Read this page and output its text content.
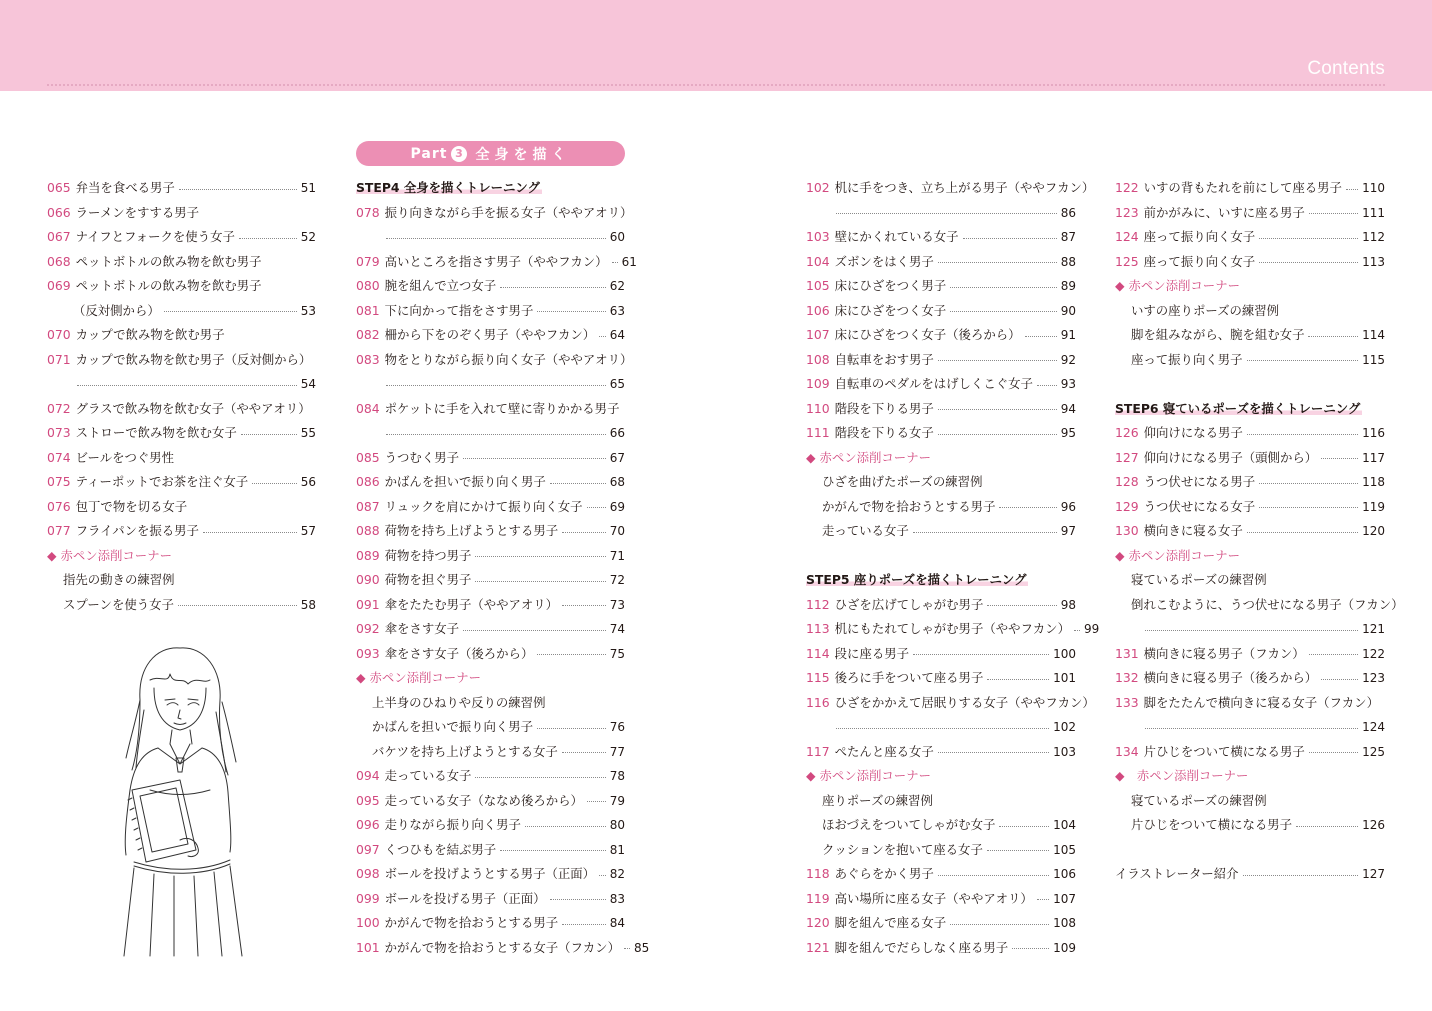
Contents
Part 3 全身を描く
065 弁当を食べる男子	51
066 ラーメンをすする男子
067 ナイフとフォークを使う女子	52
068 ペットボトルの飲み物を飲む男子
069 ペットボトルの飲み物を飲む男子
（反対側から）	53
070 カップで飲み物を飲む男子
071 カップで飲み物を飲む男子（反対側から）
54
072 グラスで飲み物を飲む女子（ややアオリ）
073 ストローで飲み物を飲む女子	55
074 ビールをつぐ男性
075 ティーポットでお茶を注ぐ女子	56
076 包丁で物を切る女子
077 フライパンを振る男子	57
◆ 赤ペン添削コーナー
指先の動きの練習例
スプーンを使う女子	58
STEP4 全身を描くトレーニング
078 振り向きながら手を振る女子（ややアオリ）
60
079 高いところを指さす男子（ややフカン） 61
080 腕を組んで立つ女子	62
081 下に向かって指をさす男子	63
082 柵から下をのぞく男子（ややフカン） 64
083 物をとりながら振り向く女子（ややアオリ）
65
084 ポケットに手を入れて壁に寄りかかる男子
66
085 うつむく男子	67
086 かばんを担いで振り向く男子	68
087 リュックを肩にかけて振り向く女子 69
088 荷物を持ち上げようとする男子	70
089 荷物を持つ男子	71
090 荷物を担ぐ男子	72
091 傘をたたむ男子（ややアオリ）	73
092 傘をさす女子	74
093 傘をさす女子（後ろから）	75
◆ 赤ペン添削コーナー
上半身のひねりや反りの練習例
かばんを担いで振り向く男子	76
バケツを持ち上げようとする女子	77
094 走っている女子	78
095 走っている女子（ななめ後ろから） 79
096 走りながら振り向く男子	80
097 くつひもを結ぶ男子	81
098 ボールを投げようとする男子（正面） 82
099 ボールを投げる男子（正面）	83
100 かがんで物を拾おうとする男子	84
101 かがんで物を拾おうとする女子（フカン） 85
102 机に手をつき、立ち上がる男子（ややフカン）
86
103 壁にかくれている女子	87
104 ズボンをはく男子	88
105 床にひざをつく男子	89
106 床にひざをつく女子	90
107 床にひざをつく女子（後ろから）	91
108 自転車をおす男子	92
109 自転車のペダルをはげしくこぐ女子 93
110 階段を下りる男子	94
111 階段を下りる女子	95
◆ 赤ペン添削コーナー
ひざを曲げたポーズの練習例
かがんで物を拾おうとする男子	96
走っている女子	97
STEP5 座りポーズを描くトレーニング
112 ひざを広げてしゃがむ男子	98
113 机にもたれてしゃがむ男子（ややフカン） 99
114 段に座る男子	100
115 後ろに手をついて座る男子	101
116 ひざをかかえて居眠りする女子（ややフカン）
102
117 ぺたんと座る女子	103
◆ 赤ペン添削コーナー
座りポーズの練習例
ほおづえをついてしゃがむ女子	104
クッションを抱いて座る女子	105
118 あぐらをかく男子	106
119 高い場所に座る女子（ややアオリ） 107
120 脚を組んで座る女子	108
121 脚を組んでだらしなく座る男子	109
122 いすの背もたれを前にして座る男子 110
123 前かがみに、いすに座る男子	111
124 座って振り向く女子	112
125 座って振り向く女子	113
◆ 赤ペン添削コーナー
いすの座りポーズの練習例
脚を組みながら、腕を組む女子	114
座って振り向く男子	115
STEP6 寝ているポーズを描くトレーニング
126 仰向けになる男子	116
127 仰向けになる男子（頭側から）	117
128 うつ伏せになる男子	118
129 うつ伏せになる女子	119
130 横向きに寝る女子	120
◆ 赤ペン添削コーナー
寝ているポーズの練習例
倒れこむように、うつ伏せになる男子（フカン）
121
131 横向きに寝る男子（フカン）	122
132 横向きに寝る男子（後ろから）	123
133 脚をたたんで横向きに寝る女子（フカン）
124
134 片ひじをついて横になる男子	125
◆　赤ペン添削コーナー
寝ているポーズの練習例
片ひじをついて横になる男子	126
イラストレーター紹介	127
